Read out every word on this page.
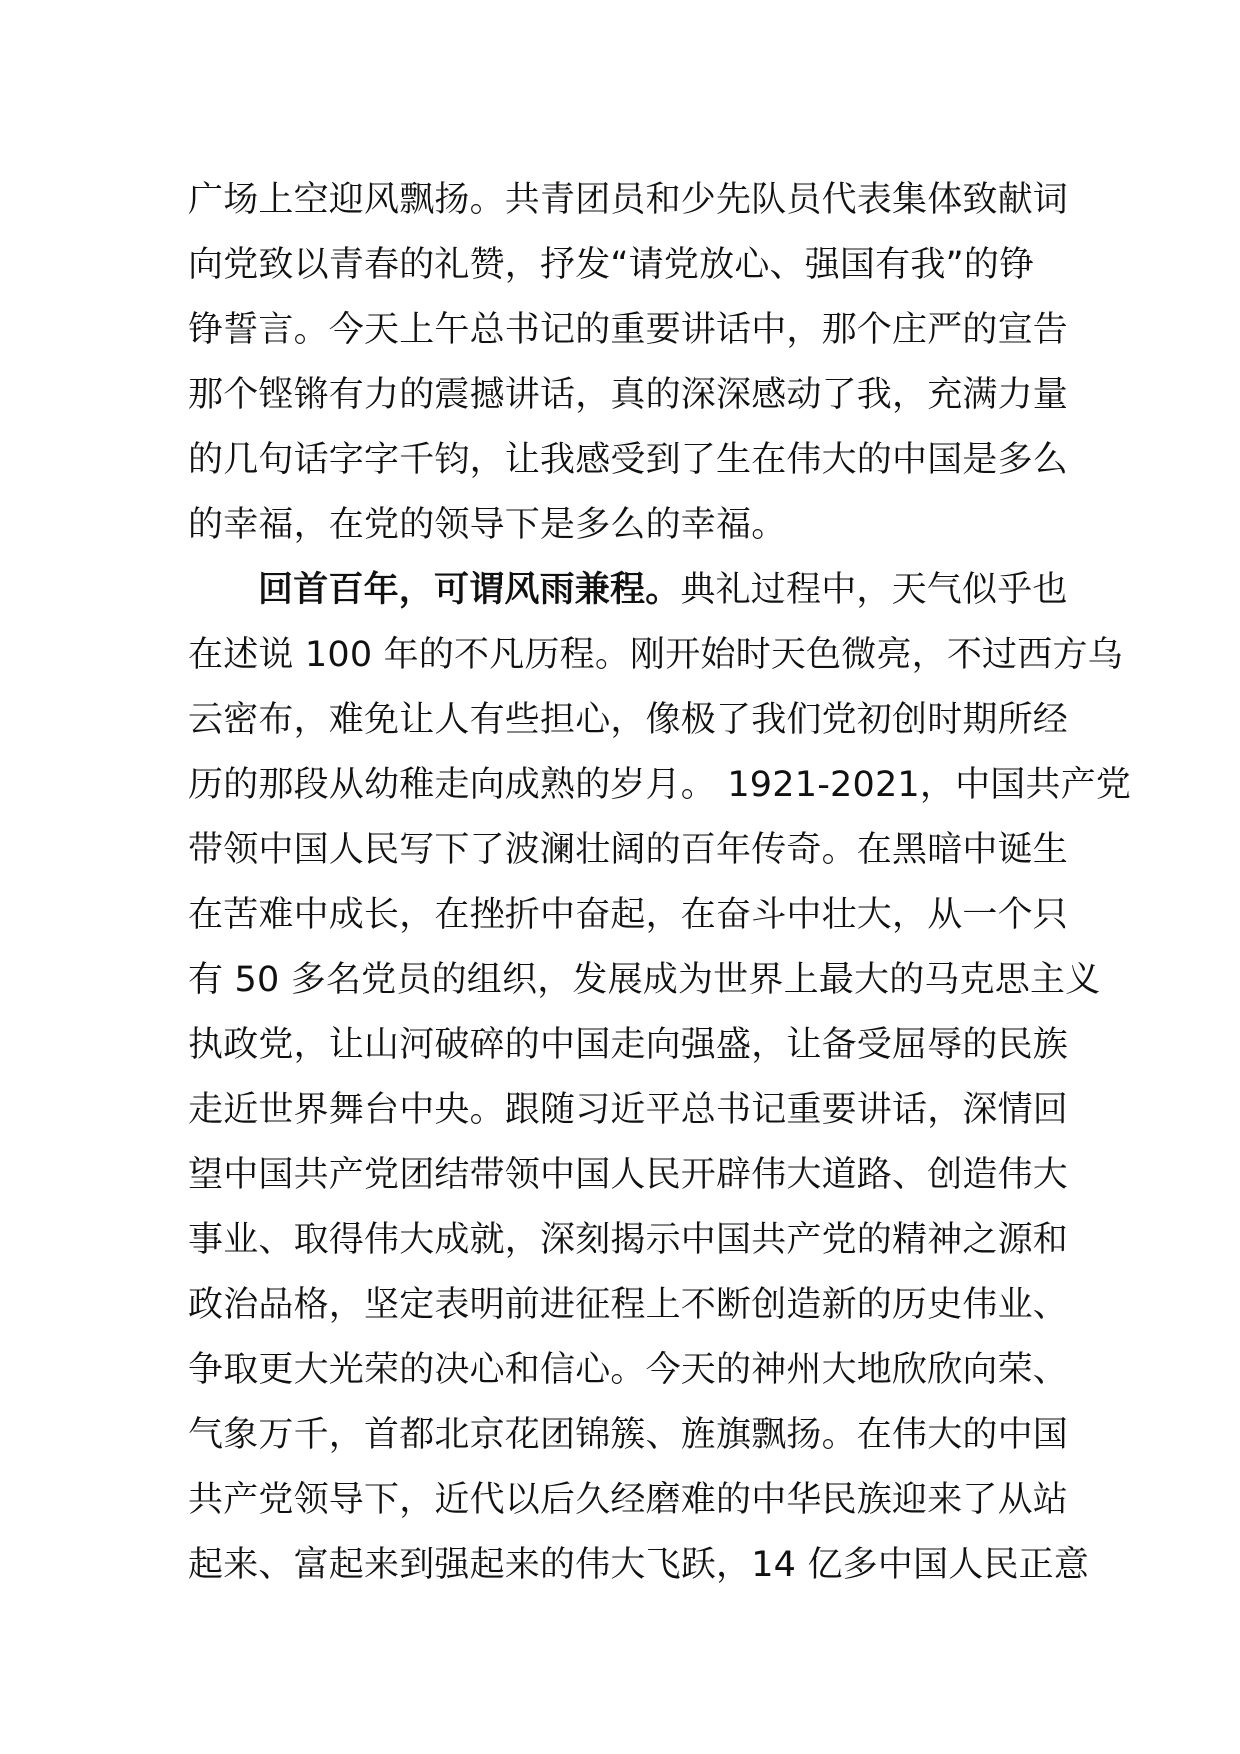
广场上空迎风飘扬。共青团员和少先队员代表集体致献词
向党致以青春的礼赞，抒发“请党放心、强国有我”的铮
铮誓言。今天上午总书记的重要讲话中，那个庄严的宣告
那个铿锵有力的震撼讲话，真的深深感动了我，充满力量
的几句话字字千钧，让我感受到了生在伟大的中国是多么
的幸福，在党的领导下是多么的幸福。
回首百年，可谓风雨兼程。典礼过程中，天气似乎也
在述说 100 年的不凡历程。刚开始时天色微亮，不过西方乌
云密布，难免让人有些担心，像极了我们党初创时期所经
历的那段从幼稚走向成熟的岁月。 1921-2021，中国共产党
带领中国人民写下了波澜壮阔的百年传奇。在黑暗中诞生
在苦难中成长，在挫折中奋起，在奋斗中壮大，从一个只
有 50 多名党员的组织，发展成为世界上最大的马克思主义
执政党，让山河破碎的中国走向强盛，让备受屈辱的民族
走近世界舞台中央。跟随习近平总书记重要讲话，深情回
望中国共产党团结带领中国人民开辟伟大道路、创造伟大
事业、取得伟大成就，深刻揭示中国共产党的精神之源和
政治品格，坚定表明前进征程上不断创造新的历史伟业、
争取更大光荣的决心和信心。今天的神州大地欣欣向荣、
气象万千，首都北京花团锦簇、旌旗飘扬。在伟大的中国
共产党领导下，近代以后久经磨难的中华民族迎来了从站
起来、富起来到强起来的伟大飞跃，14 亿多中国人民正意
